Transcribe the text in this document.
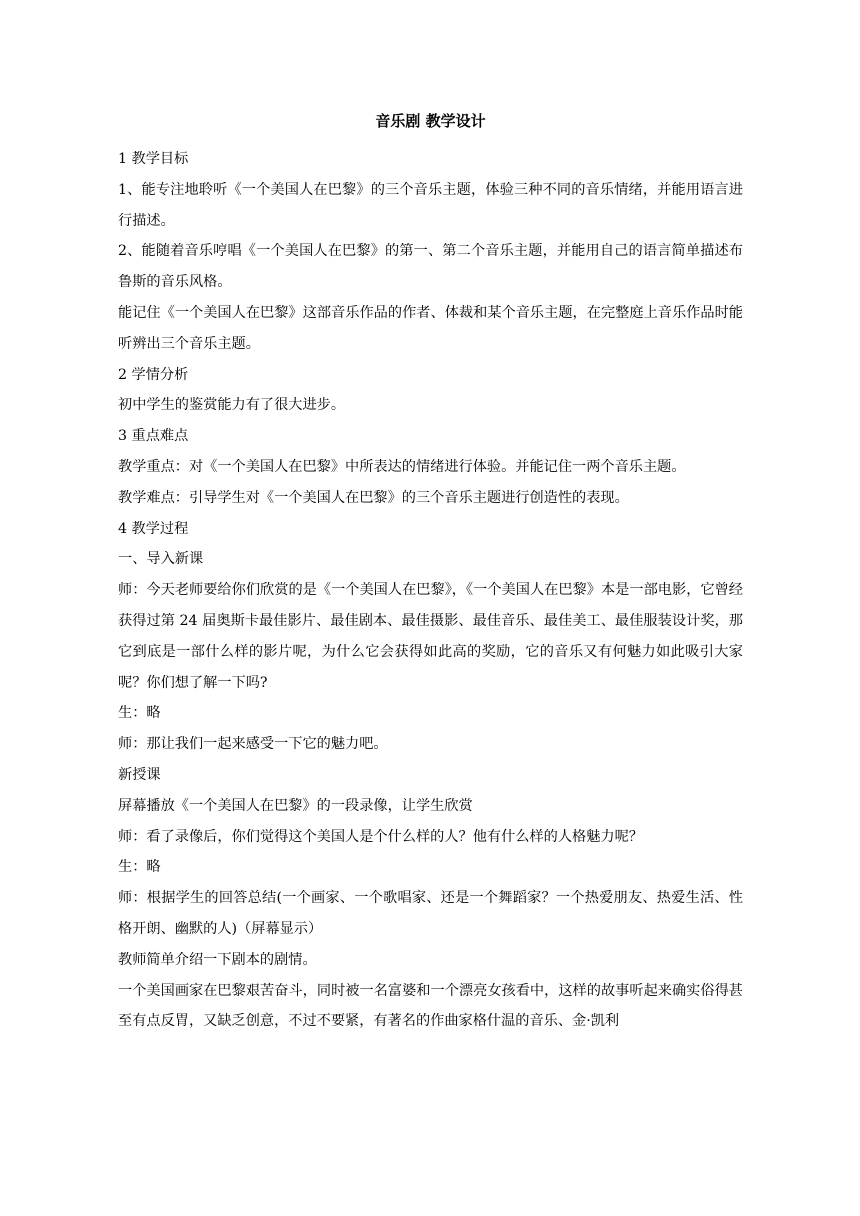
音乐剧 教学设计

1 教学目标

1、能专注地聆听《一个美国人在巴黎》的三个音乐主题，体验三种不同的音乐情绪，并能用语言进行描述。

2、能随着音乐哼唱《一个美国人在巴黎》的第一、第二个音乐主题，并能用自己的语言简单描述布鲁斯的音乐风格。

能记住《一个美国人在巴黎》这部音乐作品的作者、体裁和某个音乐主题，在完整庭上音乐作品时能听辨出三个音乐主题。

2 学情分析

初中学生的鉴赏能力有了很大进步。

3 重点难点

教学重点：对《一个美国人在巴黎》中所表达的情绪进行体验。并能记住一两个音乐主题。

教学难点：引导学生对《一个美国人在巴黎》的三个音乐主题进行创造性的表现。

4 教学过程

一、导入新课

师：今天老师要给你们欣赏的是《一个美国人在巴黎》，《一个美国人在巴黎》本是一部电影，它曾经获得过第 24 届奥斯卡最佳影片、最佳剧本、最佳摄影、最佳音乐、最佳美工、最佳服装设计奖，那它到底是一部什么样的影片呢，为什么它会获得如此高的奖励，它的音乐又有何魅力如此吸引大家呢？你们想了解一下吗?

生：略

师：那让我们一起来感受一下它的魅力吧。

新授课

屏幕播放《一个美国人在巴黎》的一段录像，让学生欣赏

师：看了录像后，你们觉得这个美国人是个什么样的人？他有什么样的人格魅力呢？

生：略

师：根据学生的回答总结(一个画家、一个歌唱家、还是一个舞蹈家？一个热爱朋友、热爱生活、性格开朗、幽默的人)（屏幕显示）

教师简单介绍一下剧本的剧情。

一个美国画家在巴黎艰苦奋斗，同时被一名富婆和一个漂亮女孩看中，这样的故事听起来确实俗得甚至有点反胃，又缺乏创意，不过不要紧，有著名的作曲家格什温的音乐、金·凯利
